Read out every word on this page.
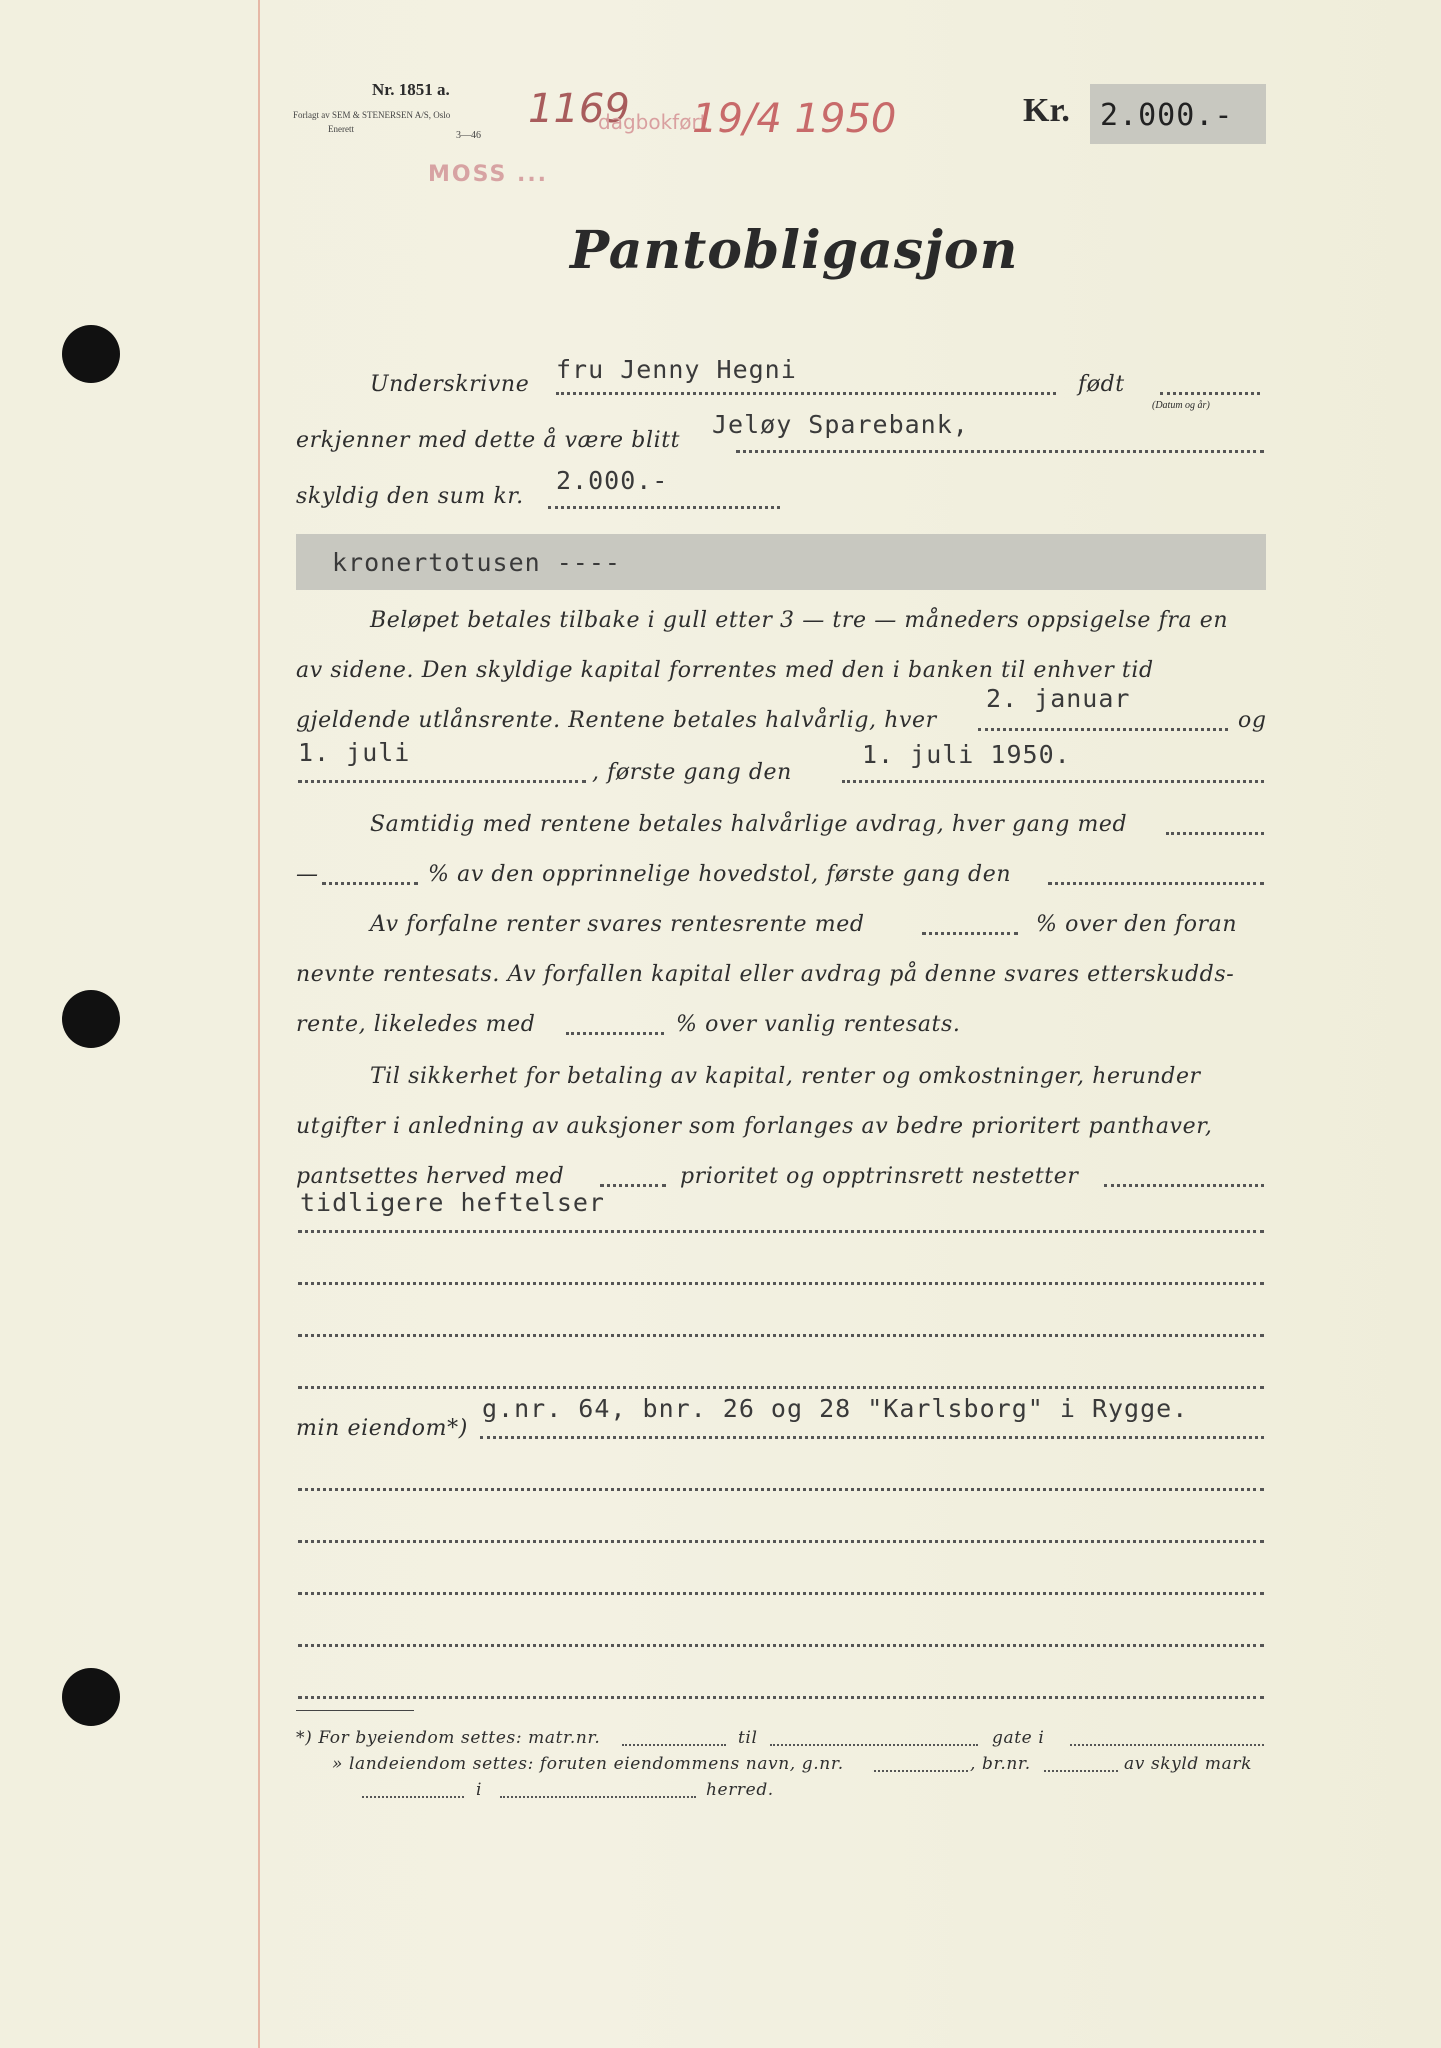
Nr. 1851 a.
Forlagt av SEM & STENERSEN A/S, Oslo
Enerett
3—46
1169
dagbokført
19/4 1950
MOSS ...
Kr. 2.000.-
Pantobligasjon
Underskrivne
fru Jenny Hegni
født
(Datum og år)
erkjenner med dette å være blitt
Jeløy Sparebank,
skyldig den sum kr.
2.000.-
kronertotusen ----
Beløpet betales tilbake i gull etter 3 — tre — måneders oppsigelse fra en
av sidene. Den skyldige kapital forrentes med den i banken til enhver tid
gjeldende utlånsrente. Rentene betales halvårlig, hver
2. januar
og
1. juli
, første gang den
1. juli 1950.
Samtidig med rentene betales halvårlige avdrag, hver gang med
—	% av den opprinnelige hovedstol, første gang den
Av forfalne renter svares rentesrente med	% over den foran
nevnte rentesats. Av forfallen kapital eller avdrag på denne svares etterskudds-
rente, likeledes med	% over vanlig rentesats.
Til sikkerhet for betaling av kapital, renter og omkostninger, herunder
utgifter i anledning av auksjoner som forlanges av bedre prioritert panthaver,
pantsettes herved med	prioritet og opptrinsrett nestetter
tidligere heftelser
min eiendom*)
g.nr. 64, bnr. 26 og 28 "Karlsborg" i Rygge.
*) For byeiendom settes: matr.nr.	til	gate i
» landeiendom settes: foruten eiendommens navn, g.nr.	, br.nr.	av skyld mark
i	herred.
